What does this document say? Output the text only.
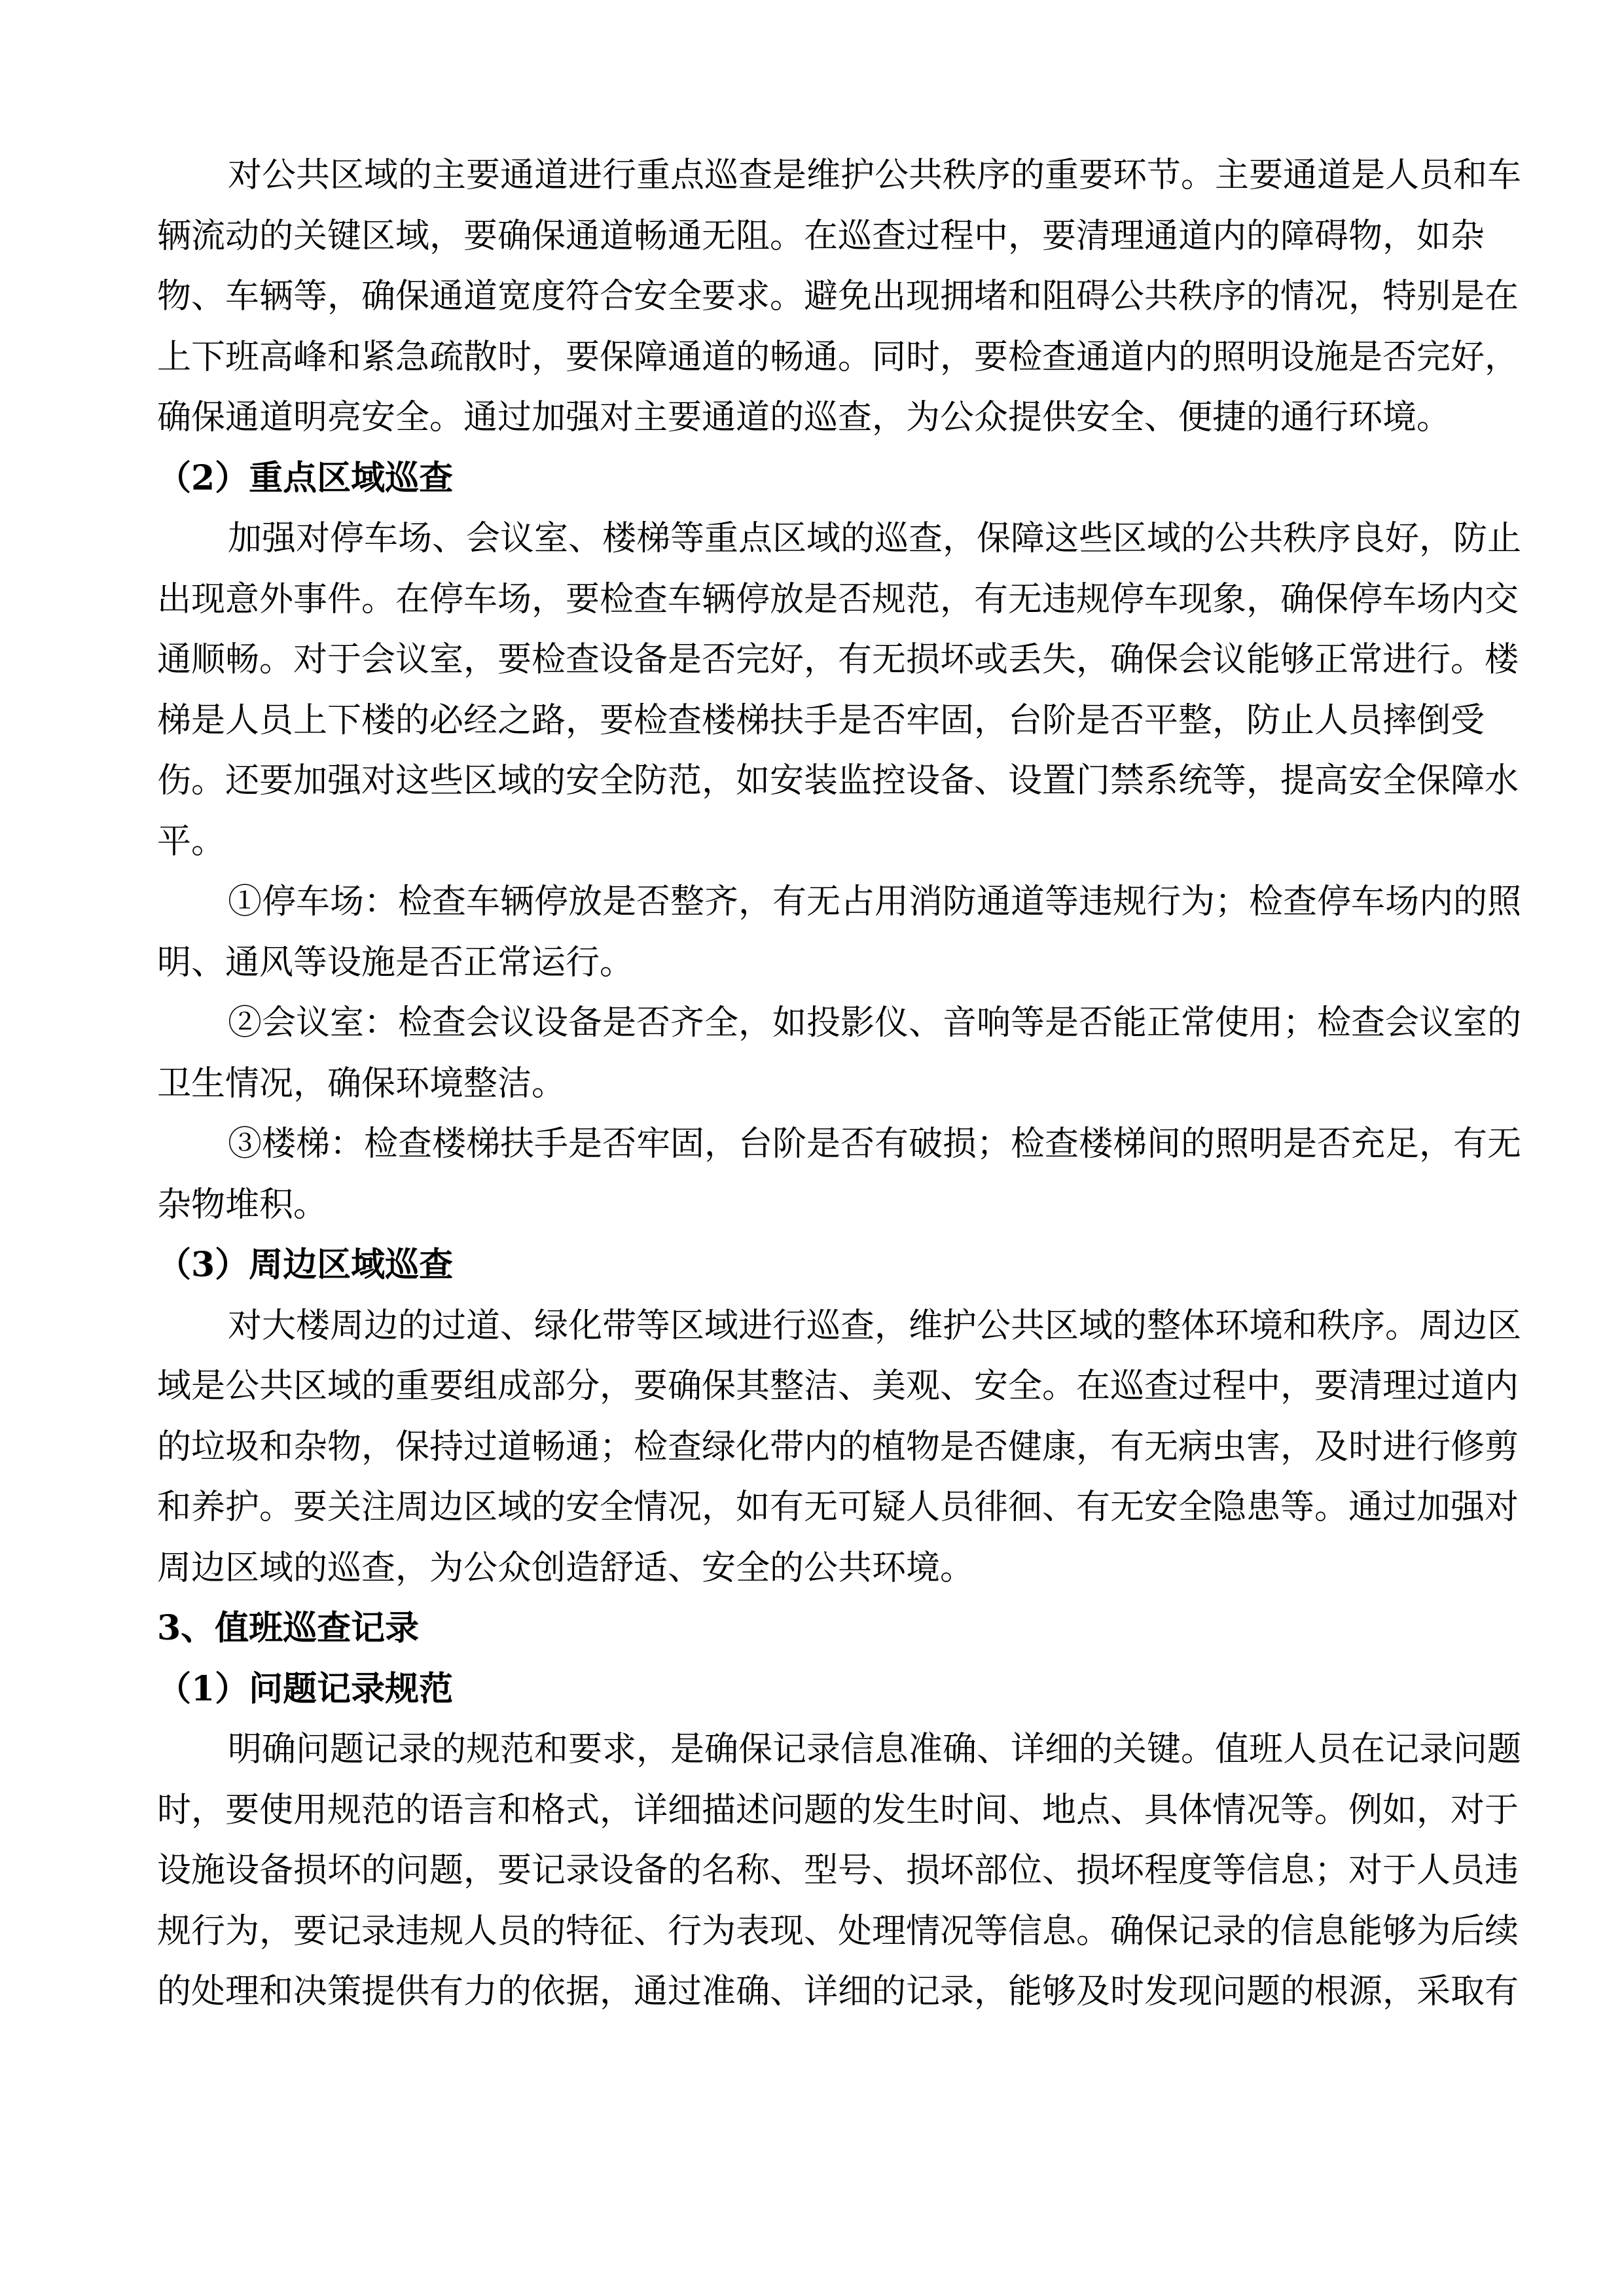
对公共区域的主要通道进行重点巡查是维护公共秩序的重要环节。主要通道是人员和车
辆流动的关键区域，要确保通道畅通无阻。在巡查过程中，要清理通道内的障碍物，如杂
物、车辆等，确保通道宽度符合安全要求。避免出现拥堵和阻碍公共秩序的情况，特别是在
上下班高峰和紧急疏散时，要保障通道的畅通。同时，要检查通道内的照明设施是否完好，
确保通道明亮安全。通过加强对主要通道的巡查，为公众提供安全、便捷的通行环境。
（2）重点区域巡查
加强对停车场、会议室、楼梯等重点区域的巡查，保障这些区域的公共秩序良好，防止
出现意外事件。在停车场，要检查车辆停放是否规范，有无违规停车现象，确保停车场内交
通顺畅。对于会议室，要检查设备是否完好，有无损坏或丢失，确保会议能够正常进行。楼
梯是人员上下楼的必经之路，要检查楼梯扶手是否牢固，台阶是否平整，防止人员摔倒受
伤。还要加强对这些区域的安全防范，如安装监控设备、设置门禁系统等，提高安全保障水
平。
①停车场：检查车辆停放是否整齐，有无占用消防通道等违规行为；检查停车场内的照
明、通风等设施是否正常运行。
②会议室：检查会议设备是否齐全，如投影仪、音响等是否能正常使用；检查会议室的
卫生情况，确保环境整洁。
③楼梯：检查楼梯扶手是否牢固，台阶是否有破损；检查楼梯间的照明是否充足，有无
杂物堆积。
（3）周边区域巡查
对大楼周边的过道、绿化带等区域进行巡查，维护公共区域的整体环境和秩序。周边区
域是公共区域的重要组成部分，要确保其整洁、美观、安全。在巡查过程中，要清理过道内
的垃圾和杂物，保持过道畅通；检查绿化带内的植物是否健康，有无病虫害，及时进行修剪
和养护。要关注周边区域的安全情况，如有无可疑人员徘徊、有无安全隐患等。通过加强对
周边区域的巡查，为公众创造舒适、安全的公共环境。
3、值班巡查记录
（1）问题记录规范
明确问题记录的规范和要求，是确保记录信息准确、详细的关键。值班人员在记录问题
时，要使用规范的语言和格式，详细描述问题的发生时间、地点、具体情况等。例如，对于
设施设备损坏的问题，要记录设备的名称、型号、损坏部位、损坏程度等信息；对于人员违
规行为，要记录违规人员的特征、行为表现、处理情况等信息。确保记录的信息能够为后续
的处理和决策提供有力的依据，通过准确、详细的记录，能够及时发现问题的根源，采取有
